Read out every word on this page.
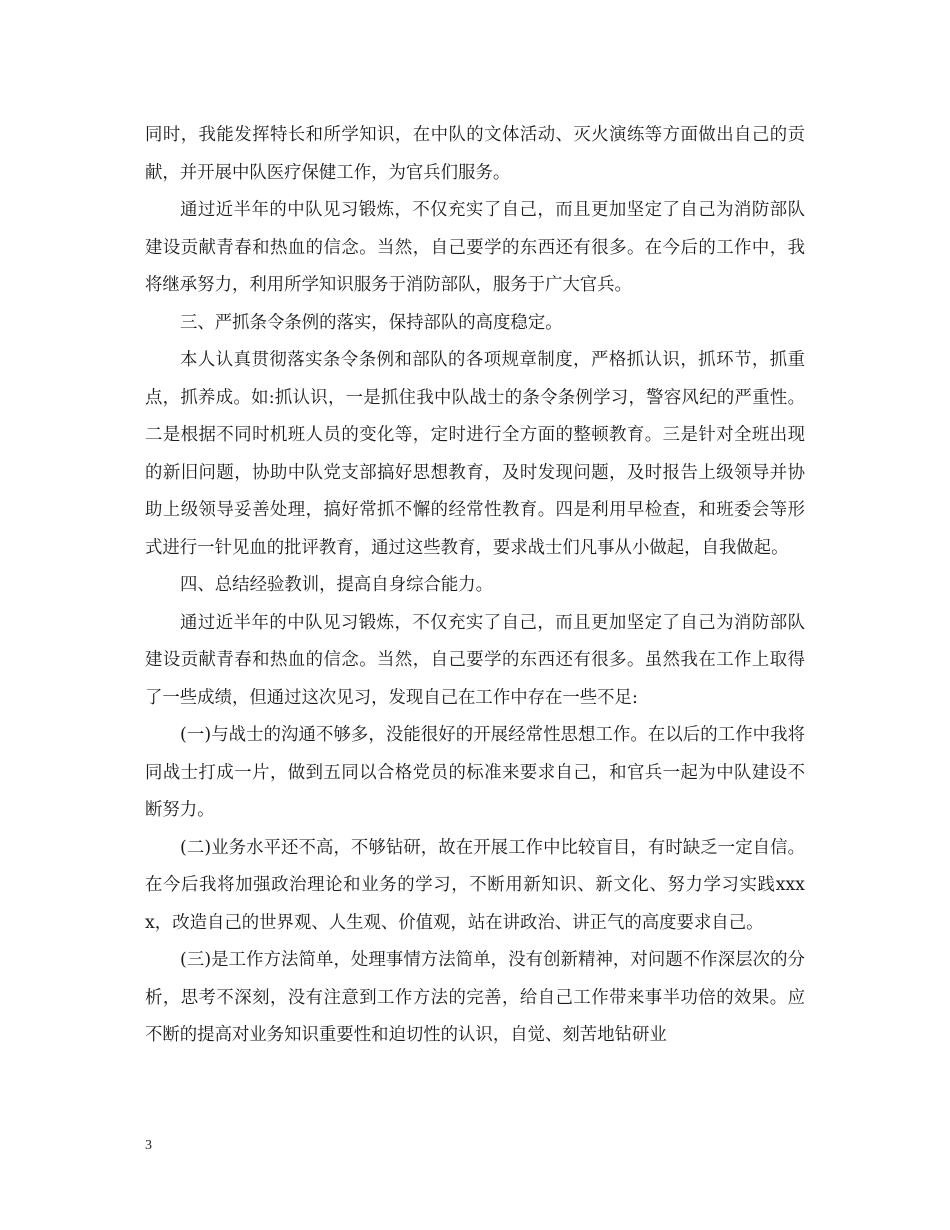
同时，我能发挥特长和所学知识，在中队的文体活动、灭火演练等方面做出自己的贡献，并开展中队医疗保健工作，为官兵们服务。

通过近半年的中队见习锻炼，不仅充实了自己，而且更加坚定了自己为消防部队建设贡献青春和热血的信念。当然，自己要学的东西还有很多。在今后的工作中，我将继承努力，利用所学知识服务于消防部队，服务于广大官兵。

三、严抓条令条例的落实，保持部队的高度稳定。

本人认真贯彻落实条令条例和部队的各项规章制度，严格抓认识，抓环节，抓重点，抓养成。如:抓认识，一是抓住我中队战士的条令条例学习，警容风纪的严重性。二是根据不同时机班人员的变化等，定时进行全方面的整顿教育。三是针对全班出现的新旧问题，协助中队党支部搞好思想教育，及时发现问题，及时报告上级领导并协助上级领导妥善处理，搞好常抓不懈的经常性教育。四是利用早检查，和班委会等形式进行一针见血的批评教育，通过这些教育，要求战士们凡事从小做起，自我做起。

四、总结经验教训，提高自身综合能力。

通过近半年的中队见习锻炼，不仅充实了自己，而且更加坚定了自己为消防部队建设贡献青春和热血的信念。当然，自己要学的东西还有很多。虽然我在工作上取得了一些成绩，但通过这次见习，发现自己在工作中存在一些不足:

(一)与战士的沟通不够多，没能很好的开展经常性思想工作。在以后的工作中我将同战士打成一片，做到五同以合格党员的标准来要求自己，和官兵一起为中队建设不断努力。

(二)业务水平还不高，不够钻研，故在开展工作中比较盲目，有时缺乏一定自信。在今后我将加强政治理论和业务的学习，不断用新知识、新文化、努力学习实践xxxx，改造自己的世界观、人生观、价值观，站在讲政治、讲正气的高度要求自己。

(三)是工作方法简单，处理事情方法简单，没有创新精神，对问题不作深层次的分析，思考不深刻，没有注意到工作方法的完善，给自己工作带来事半功倍的效果。应不断的提高对业务知识重要性和迫切性的认识，自觉、刻苦地钻研业

3
